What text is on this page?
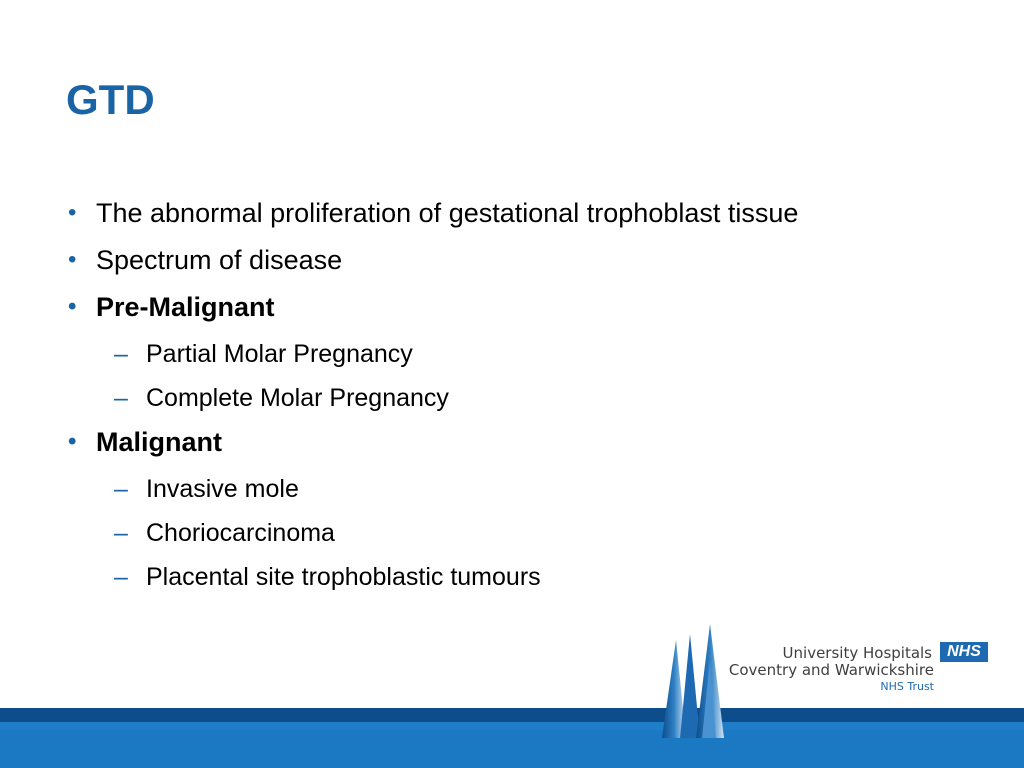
GTD

• The abnormal proliferation of gestational trophoblast tissue

• Spectrum of disease

• Pre-Malignant

– Partial Molar Pregnancy

– Complete Molar Pregnancy

• Malignant

– Invasive mole

– Choriocarcinoma

– Placental site trophoblastic tumours

University Hospitals NHS
Coventry and Warwickshire
NHS Trust
